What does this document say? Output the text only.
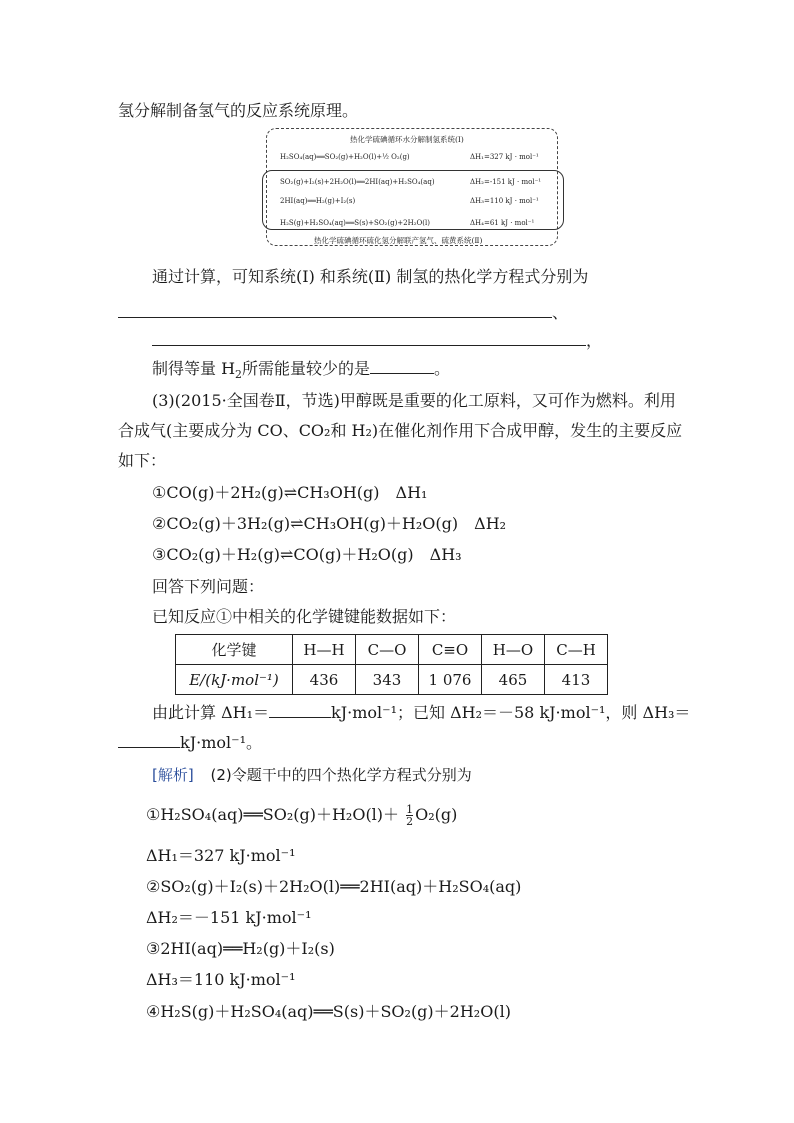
氢分解制备氢气的反应系统原理。
热化学硫碘循环水分解制氢系统(Ⅰ)
H₂SO₄(aq)══SO₂(g)+H₂O(l)+½ O₂(g)	ΔH₁=327 kJ · mol⁻¹
SO₂(g)+I₂(s)+2H₂O(l)══2HI(aq)+H₂SO₄(aq)	ΔH₂=-151 kJ · mol⁻¹
2HI(aq)══H₂(g)+I₂(s)	ΔH₃=110 kJ · mol⁻¹
H₂S(g)+H₂SO₄(aq)══S(s)+SO₂(g)+2H₂O(l)	ΔH₄=61 kJ · mol⁻¹
热化学硫碘循环硫化氢分解联产氢气、硫黄系统(Ⅱ)
通过计算，可知系统(Ⅰ) 和系统(Ⅱ) 制氢的热化学方程式分别为
、
，
制得等量 $H_2$所需能量较少的是	。
(3)(2015·全国卷Ⅱ，节选)甲醇既是重要的化工原料，又可作为燃料。利用
合成气(主要成分为 CO、CO₂和 H₂)在催化剂作用下合成甲醇，发生的主要反应
如下：
①CO(g)＋2H₂(g)⇌CH₃OH(g)　ΔH₁
②CO₂(g)＋3H₂(g)⇌CH₃OH(g)＋H₂O(g)　ΔH₂
③CO₂(g)＋H₂(g)⇌CO(g)＋H₂O(g)　ΔH₃
回答下列问题：
已知反应①中相关的化学键键能数据如下：
化学键	H—H	C—O	C≡O	H—O	C—H
E/(kJ·mol⁻¹)	436	343	1 076	465	413
由此计算 ΔH₁＝	kJ·mol⁻¹；已知 ΔH₂＝－58 kJ·mol⁻¹，则 ΔH₃＝
kJ·mol⁻¹。
[解析] (2)令题干中的四个热化学方程式分别为
①H₂SO₄(aq)══SO₂(g)＋H₂O(l)＋ $\frac{1}{2} O_2(g)$
ΔH₁＝327 kJ·mol⁻¹
②SO₂(g)＋I₂(s)＋2H₂O(l)══2HI(aq)＋H₂SO₄(aq)
ΔH₂＝－151 kJ·mol⁻¹
③2HI(aq)══H₂(g)＋I₂(s)
ΔH₃＝110 kJ·mol⁻¹
④H₂S(g)＋H₂SO₄(aq)══S(s)＋SO₂(g)＋2H₂O(l)
